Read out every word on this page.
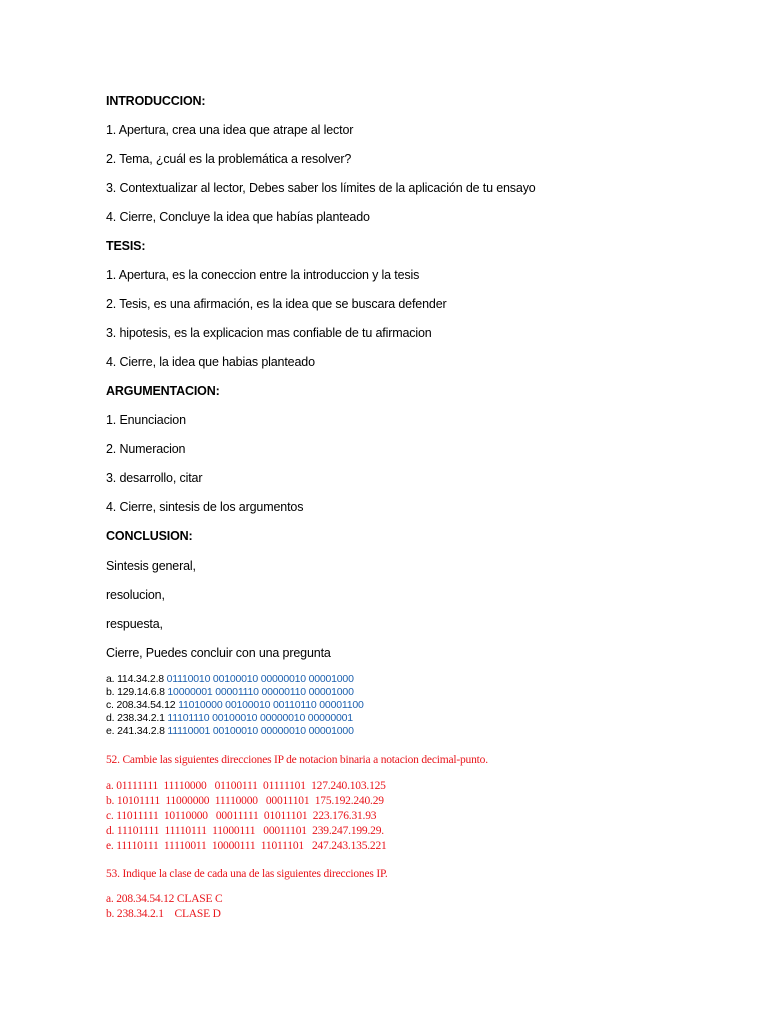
INTRODUCCION:
1. Apertura, crea una idea que atrape al lector
2. Tema, ¿cuál es la problemática a resolver?
3. Contextualizar al lector, Debes saber los límites de la aplicación de tu ensayo
4. Cierre, Concluye la idea que habías planteado
TESIS:
1. Apertura, es la coneccion entre la introduccion y la tesis
2. Tesis, es una afirmación, es la idea que se buscara defender
3. hipotesis, es la explicacion mas confiable de tu afirmacion
4. Cierre, la idea que habias planteado
ARGUMENTACION:
1. Enunciacion
2. Numeracion
3. desarrollo, citar
4. Cierre, sintesis de los argumentos
CONCLUSION:
Sintesis general,
resolucion,
respuesta,
Cierre, Puedes concluir con una pregunta
a. 114.34.2.8 01110010 00100010 00000010 00001000
b. 129.14.6.8 10000001 00001110 00000110 00001000
c. 208.34.54.12 11010000 00100010 00110110 00001100
d. 238.34.2.1 11101110 00100010 00000010 00000001
e. 241.34.2.8 11110001 00100010 00000010 00001000
52. Cambie las siguientes direcciones IP de notacion binaria a notacion decimal-punto.
a. 01111111  11110000   01100111  01111101  127.240.103.125
b. 10101111  11000000  11110000   00011101  175.192.240.29
c. 11011111  10110000   00011111  01011101  223.176.31.93
d. 11101111  11110111  11000111   00011101  239.247.199.29.
e. 11110111  11110011  10000111  11011101   247.243.135.221
53. Indique la clase de cada una de las siguientes direcciones IP.
a. 208.34.54.12 CLASE C
b. 238.34.2.1    CLASE D
